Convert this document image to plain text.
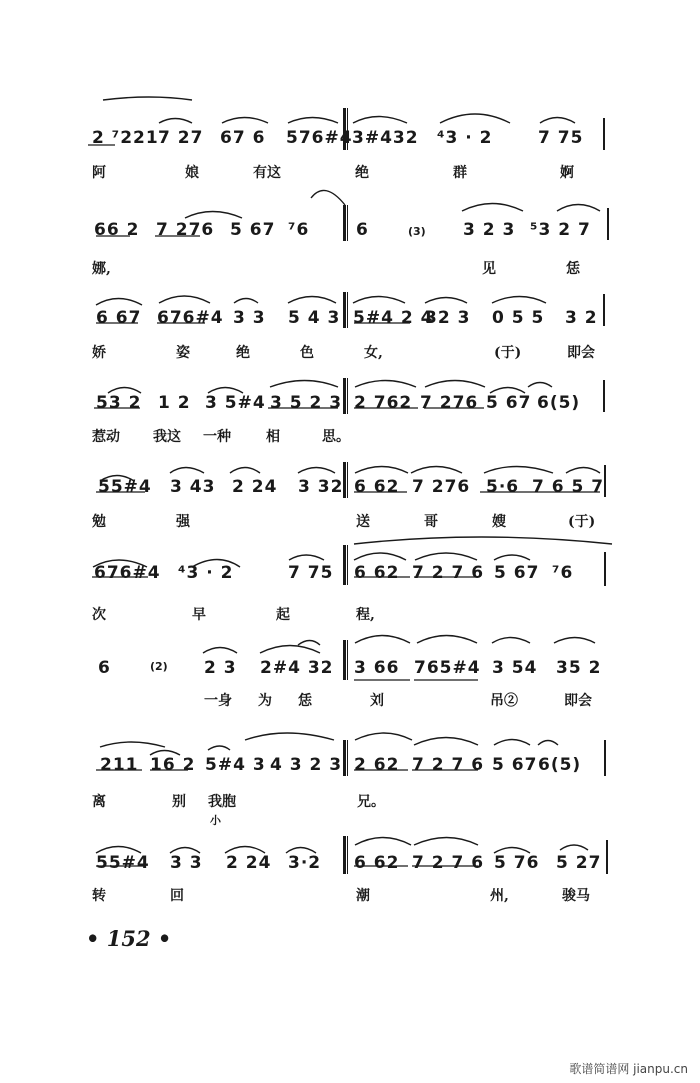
2 ⁷221 7 27 67 6 576#4 3#432 ⁴3 · 2	7 75
阿	娘	有这	绝	群	婀
66 2 7 276 5 67 ⁷6	6	(3) 3 2 3 ⁵3 2 7
娜,	见	恁
6 67 676#4 3 3 5 4 3 5#4 2 4
32 3 0 5 5 3 2
娇	姿	绝	色	女,	(于)	即会
53 2 1 2 3 5#4 3 5 2 3 2 762 7 276 5 67 6(5)
惹动 我这 一种	相	思。
55#4 3 43 2 24 3 32 6 62 7 276 5·6 7 6 5 7
勉	强	送	哥	嫂	(于)
676#4 ⁴3 · 2	7 75 6 62 7 2 7 6 5 67 ⁷6
次	早	起	程,
6	(2) 2 3 2#4 32 3 66 765#4 3 54 35 2
一身 为 恁	刘	吊②	即会
211 16 2 5#4 3 4 3 2 3 2 62 7 2 7 6 5 67 6(5)
离	别 我胞	兄。
小
55#4 3 3 2 24 3·2 6 62 7 2 7 6 5 76 5 27
转	回	潮	州,	骏马
• 152 •
歌谱简谱网 jianpu.cn
